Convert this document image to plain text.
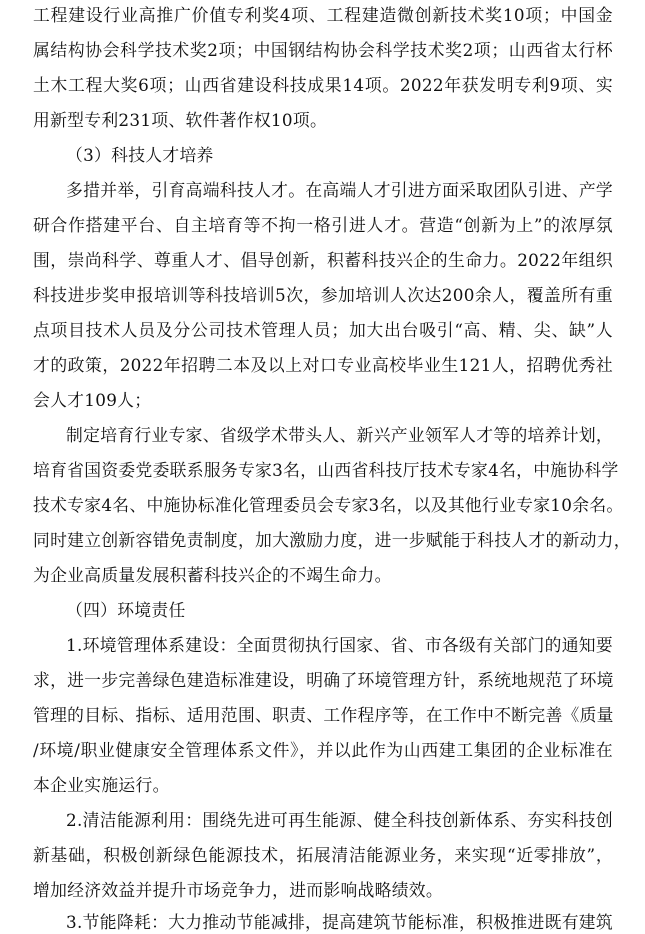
工程建设行业高推广价值专利奖4项、工程建造微创新技术奖10项；中国金
属结构协会科学技术奖2项；中国钢结构协会科学技术奖2项；山西省太行杯
土木工程大奖6项；山西省建设科技成果14项。2022年获发明专利9项、实
用新型专利231项、软件著作权10项。
（3）科技人才培养
多措并举，引育高端科技人才。在高端人才引进方面采取团队引进、产学
研合作搭建平台、自主培育等不拘一格引进人才。营造“创新为上”的浓厚氛
围，崇尚科学、尊重人才、倡导创新，积蓄科技兴企的生命力。2022年组织
科技进步奖申报培训等科技培训5次，参加培训人次达200余人，覆盖所有重
点项目技术人员及分公司技术管理人员；加大出台吸引“高、精、尖、缺”人
才的政策，2022年招聘二本及以上对口专业高校毕业生121人，招聘优秀社
会人才109人；
制定培育行业专家、省级学术带头人、新兴产业领军人才等的培养计划，
培育省国资委党委联系服务专家3名，山西省科技厅技术专家4名，中施协科学
技术专家4名、中施协标准化管理委员会专家3名，以及其他行业专家10余名。
同时建立创新容错免责制度，加大激励力度，进一步赋能于科技人才的新动力，
为企业高质量发展积蓄科技兴企的不竭生命力。
（四）环境责任
1.环境管理体系建设：全面贯彻执行国家、省、市各级有关部门的通知要
求，进一步完善绿色建造标准建设，明确了环境管理方针，系统地规范了环境
管理的目标、指标、适用范围、职责、工作程序等，在工作中不断完善《质量
/环境/职业健康安全管理体系文件》，并以此作为山西建工集团的企业标准在
本企业实施运行。
2.清洁能源利用：围绕先进可再生能源、健全科技创新体系、夯实科技创
新基础，积极创新绿色能源技术，拓展清洁能源业务，来实现“近零排放”，
增加经济效益并提升市场竞争力，进而影响战略绩效。
3.节能降耗：大力推动节能减排，提高建筑节能标准，积极推进既有建筑
